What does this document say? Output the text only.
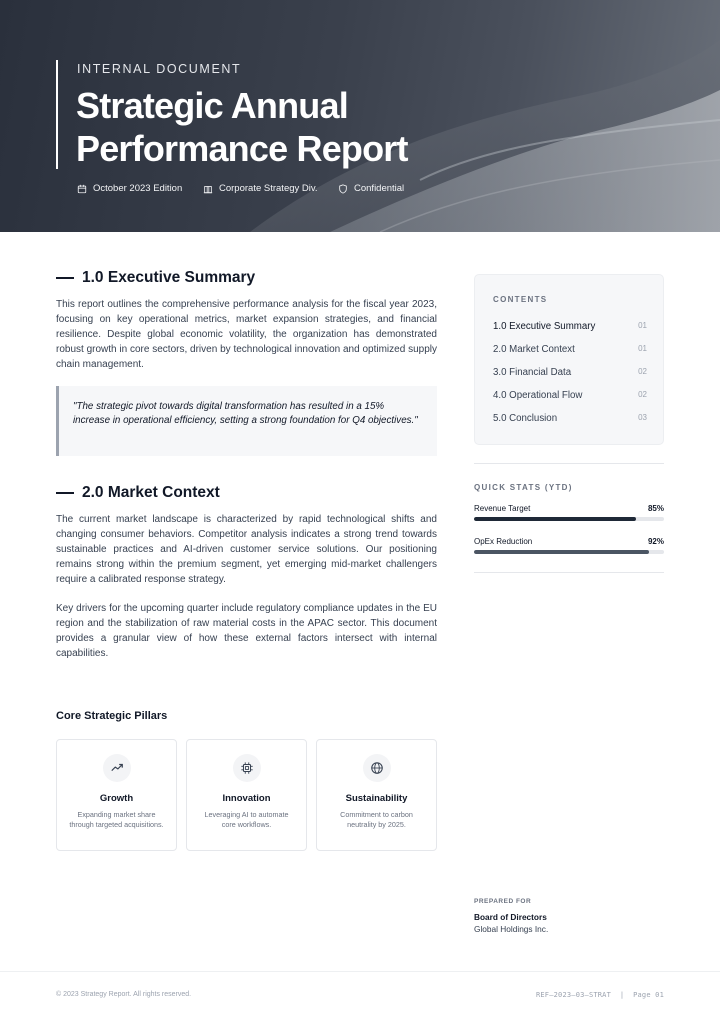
INTERNAL DOCUMENT
Strategic Annual Performance Report
October 2023 Edition	Corporate Strategy Div.	Confidential
1.0 Executive Summary

This report outlines the comprehensive performance analysis for the fiscal year 2023, focusing on key operational metrics, market expansion strategies, and financial resilience. Despite global economic volatility, the organization has demonstrated robust growth in core sectors, driven by technological innovation and optimized supply chain management.

"The strategic pivot towards digital transformation has resulted in a 15% increase in operational efficiency, setting a strong foundation for Q4 objectives."

2.0 Market Context

The current market landscape is characterized by rapid technological shifts and changing consumer behaviors. Competitor analysis indicates a strong trend towards sustainable practices and AI-driven customer service solutions. Our positioning remains strong within the premium segment, yet emerging mid-market challengers require a calibrated response strategy.

Key drivers for the upcoming quarter include regulatory compliance updates in the EU region and the stabilization of raw material costs in the APAC sector. This document provides a granular view of how these external factors intersect with internal capabilities.

Core Strategic Pillars
Growth
Expanding market share through targeted acquisitions.
Innovation
Leveraging AI to automate core workflows.
Sustainability
Commitment to carbon neutrality by 2025.
CONTENTS
1.0 Executive Summary	01
2.0 Market Context	01
3.0 Financial Data	02
4.0 Operational Flow	02
5.0 Conclusion	03
QUICK STATS (YTD)
Revenue Target	85%
OpEx Reduction	92%
PREPARED FOR
Board of Directors
Global Holdings Inc.
© 2023 Strategy Report. All rights reserved.	REF—2023—03—STRAT  |  Page 01
